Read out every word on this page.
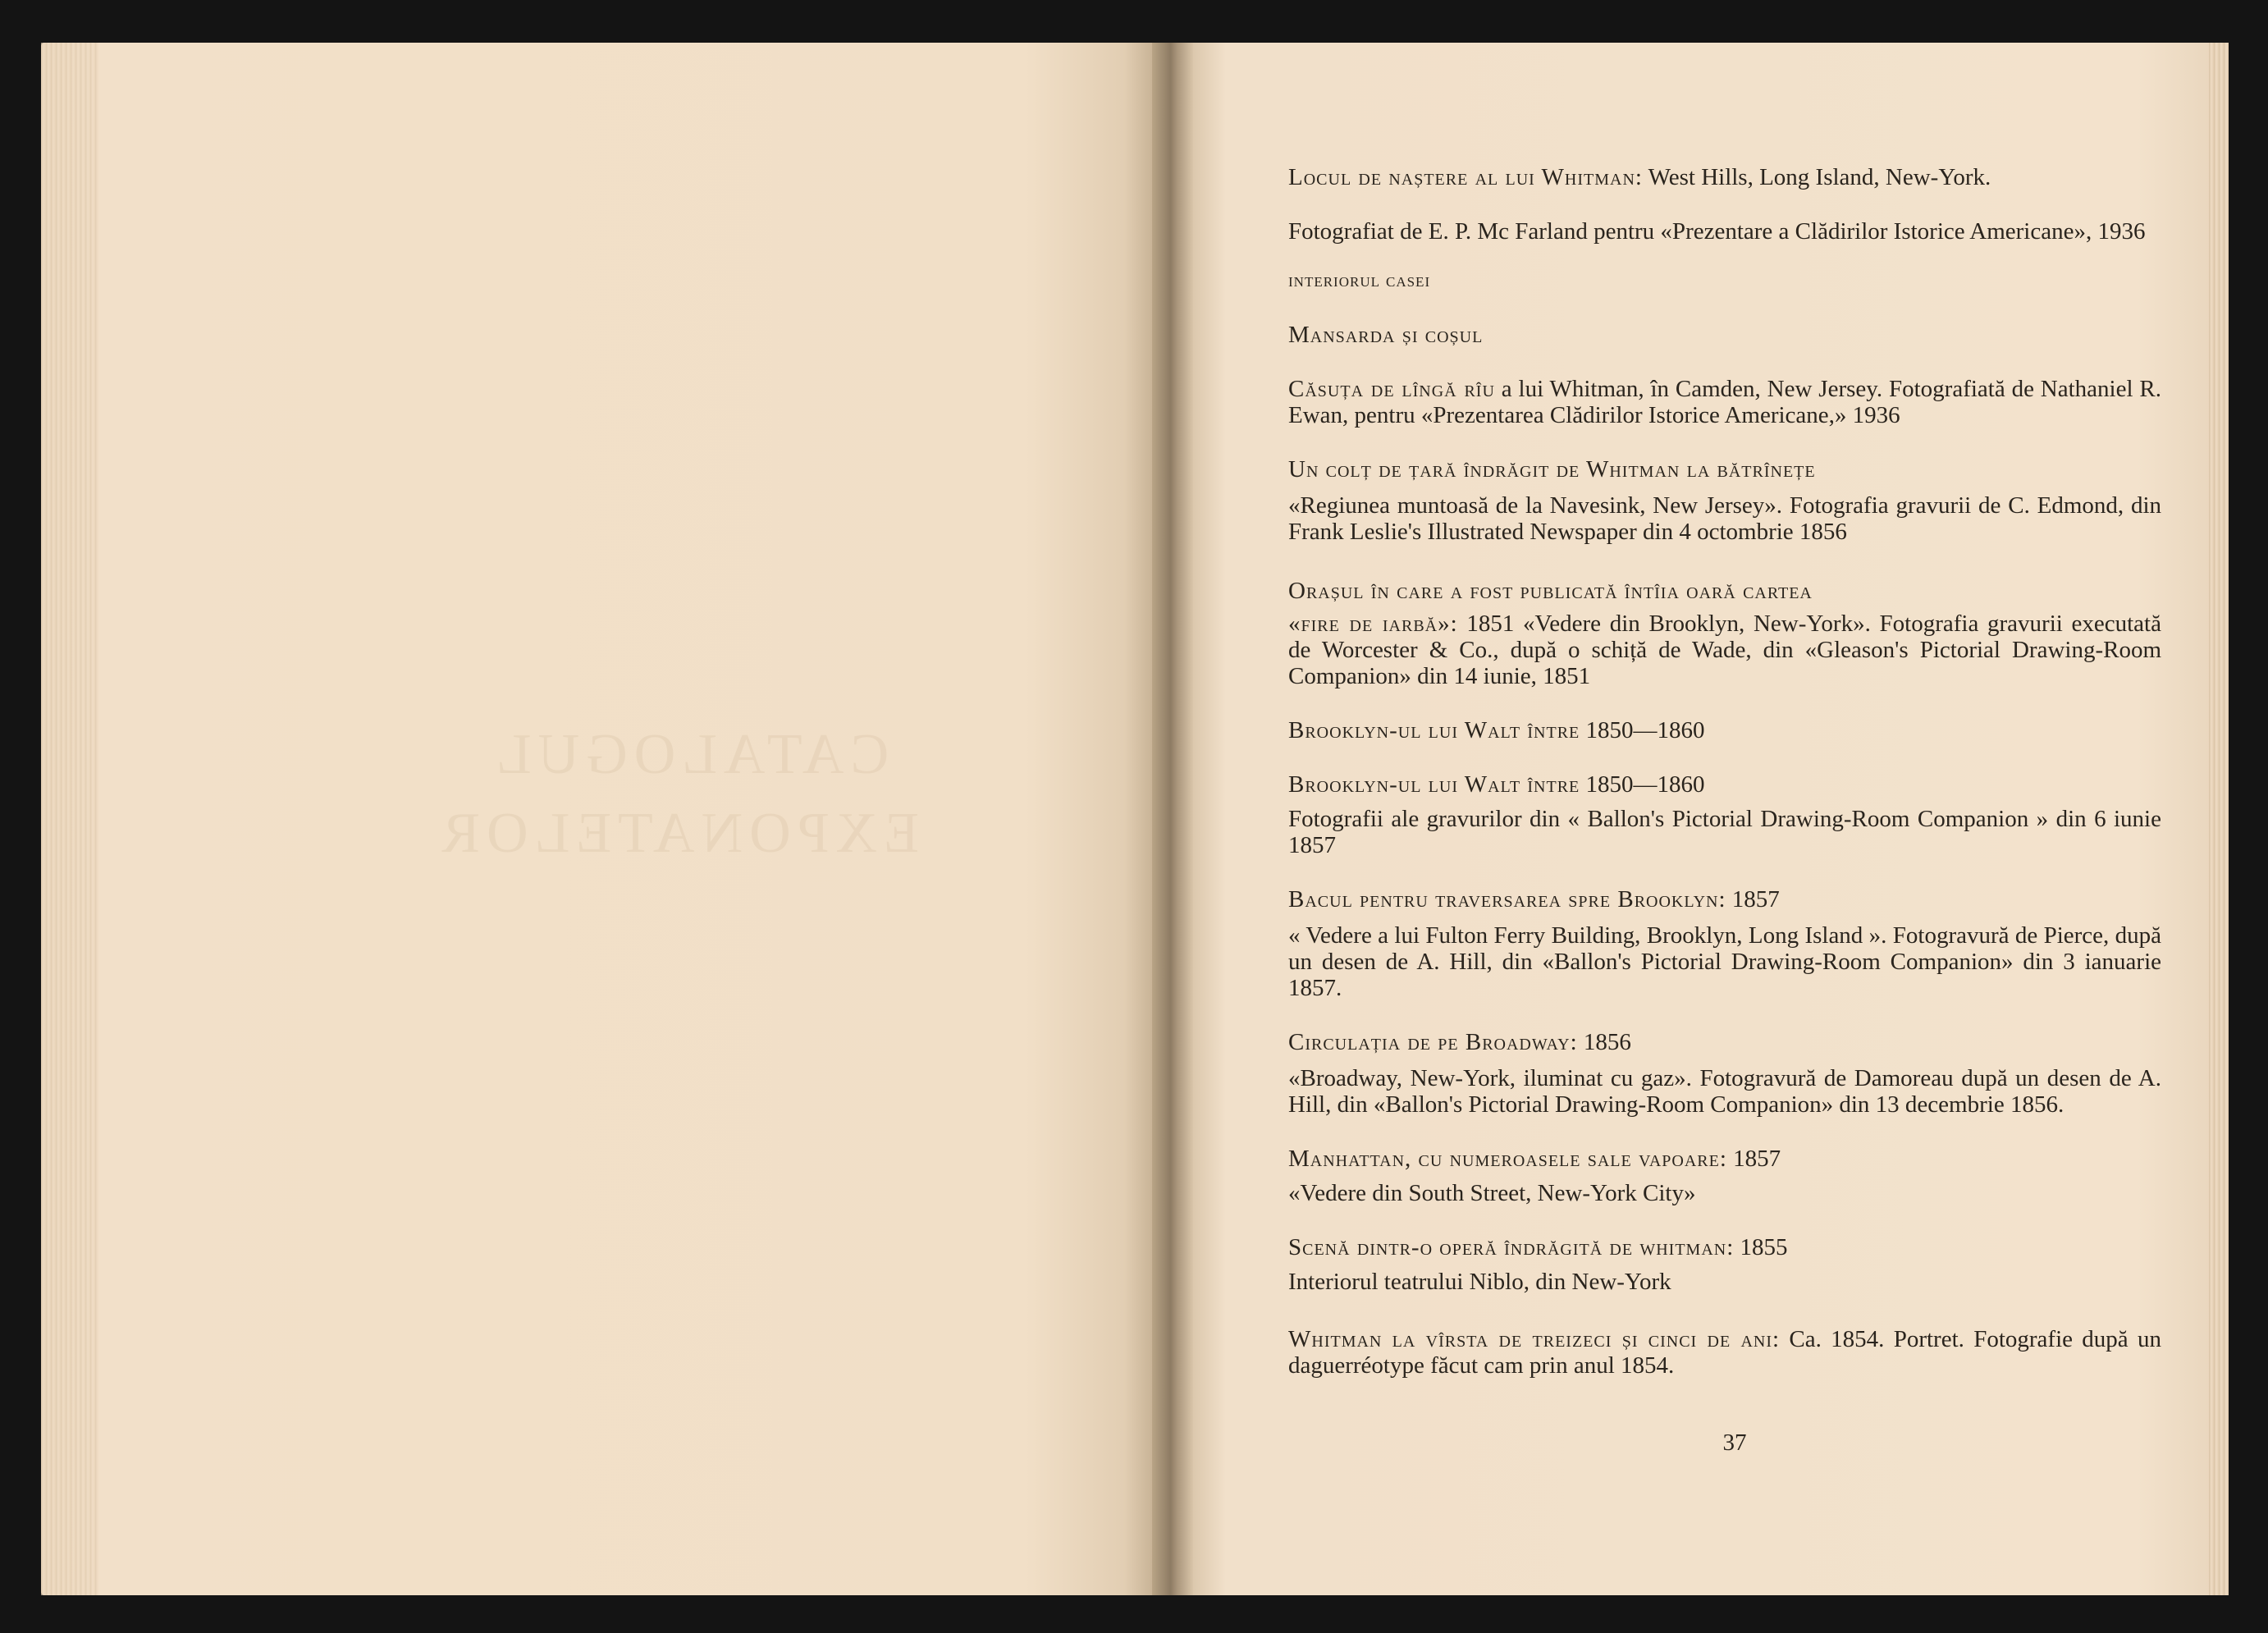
CATALOGUL
EXPONATELOR

Locul de naștere al lui Whitman: West Hills, Long Island, New-York.

Fotografiat de E. P. Mc Farland pentru «Prezentare a Clădirilor Istorice Americane», 1936

interiorul casei

Mansarda și coșul

Căsuța de lîngă rîu a lui Whitman, în Camden, New Jersey. Fotografiată de Nathaniel R. Ewan, pentru «Prezentarea Clădirilor Istorice Americane,» 1936

Un colț de țară îndrăgit de Whitman la bătrînețe

«Regiunea muntoasă de la Navesink, New Jersey». Fotografia gravurii de C. Edmond, din Frank Leslie's Illustrated Newspaper din 4 octombrie 1856

Orașul în care a fost publicată întîia oară cartea

«fire de iarbă»: 1851 «Vedere din Brooklyn, New-York». Fotografia gravurii executată de Worcester & Co., după o schiță de Wade, din «Gleason's Pictorial Drawing-Room Companion» din 14 iunie, 1851

Brooklyn-ul lui Walt între 1850—1860

Brooklyn-ul lui Walt între 1850—1860

Fotografii ale gravurilor din « Ballon's Pictorial Drawing-Room Companion » din 6 iunie 1857

Bacul pentru traversarea spre Brooklyn: 1857

« Vedere a lui Fulton Ferry Building, Brooklyn, Long Island ». Fotogravură de Pierce, după un desen de A. Hill, din «Ballon's Pictorial Drawing-Room Companion» din 3 ianuarie 1857.

Circulația de pe Broadway: 1856

«Broadway, New-York, iluminat cu gaz». Fotogravură de Damoreau după un desen de A. Hill, din «Ballon's Pictorial Drawing-Room Companion» din 13 decembrie 1856.

Manhattan, cu numeroasele sale vapoare: 1857

«Vedere din South Street, New-York City»

Scenă dintr-o operă îndrăgită de whitman: 1855

Interiorul teatrului Niblo, din New-York

Whitman la vîrsta de treizeci și cinci de ani: Ca. 1854. Portret. Fotografie după un daguerréotype făcut cam prin anul 1854.

37
